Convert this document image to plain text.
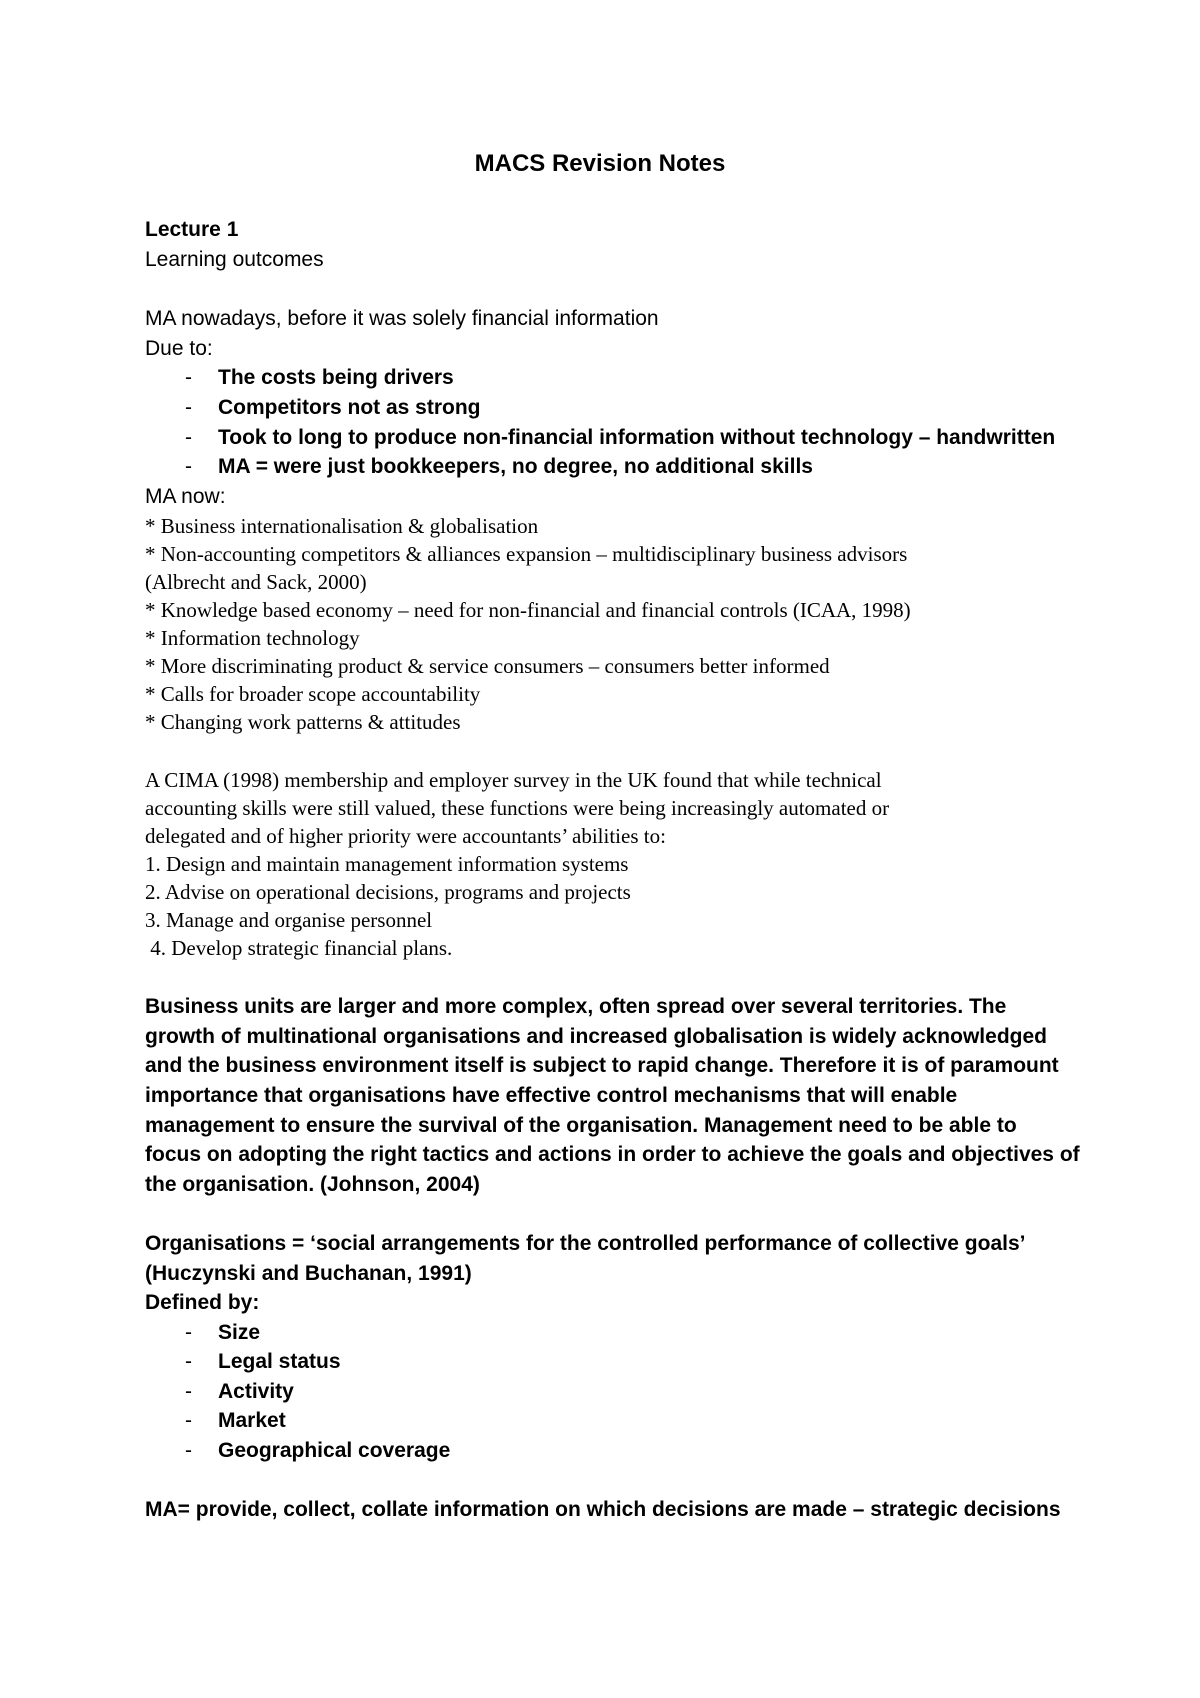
MACS Revision Notes
Lecture 1
Learning outcomes
MA nowadays, before it was solely financial information
Due to:
- The costs being drivers
- Competitors not as strong
- Took to long to produce non-financial information without technology – handwritten
- MA = were just bookkeepers, no degree, no additional skills
MA now:
* Business internationalisation & globalisation
* Non-accounting competitors & alliances expansion – multidisciplinary business advisors
(Albrecht and Sack, 2000)
* Knowledge based economy – need for non-financial and financial controls (ICAA, 1998)
* Information technology
* More discriminating product & service consumers – consumers better informed
* Calls for broader scope accountability
* Changing work patterns & attitudes
A CIMA (1998) membership and employer survey in the UK found that while technical
accounting skills were still valued, these functions were being increasingly automated or
delegated and of higher priority were accountants’ abilities to:
1. Design and maintain management information systems
2. Advise on operational decisions, programs and projects
3. Manage and organise personnel
4. Develop strategic financial plans.
Business units are larger and more complex, often spread over several territories. The
growth of multinational organisations and increased globalisation is widely acknowledged
and the business environment itself is subject to rapid change. Therefore it is of paramount
importance that organisations have effective control mechanisms that will enable
management to ensure the survival of the organisation. Management need to be able to
focus on adopting the right tactics and actions in order to achieve the goals and objectives of
the organisation. (Johnson, 2004)
Organisations = ‘social arrangements for the controlled performance of collective goals’
(Huczynski and Buchanan, 1991)
Defined by:
- Size
- Legal status
- Activity
- Market
- Geographical coverage
MA= provide, collect, collate information on which decisions are made – strategic decisions
